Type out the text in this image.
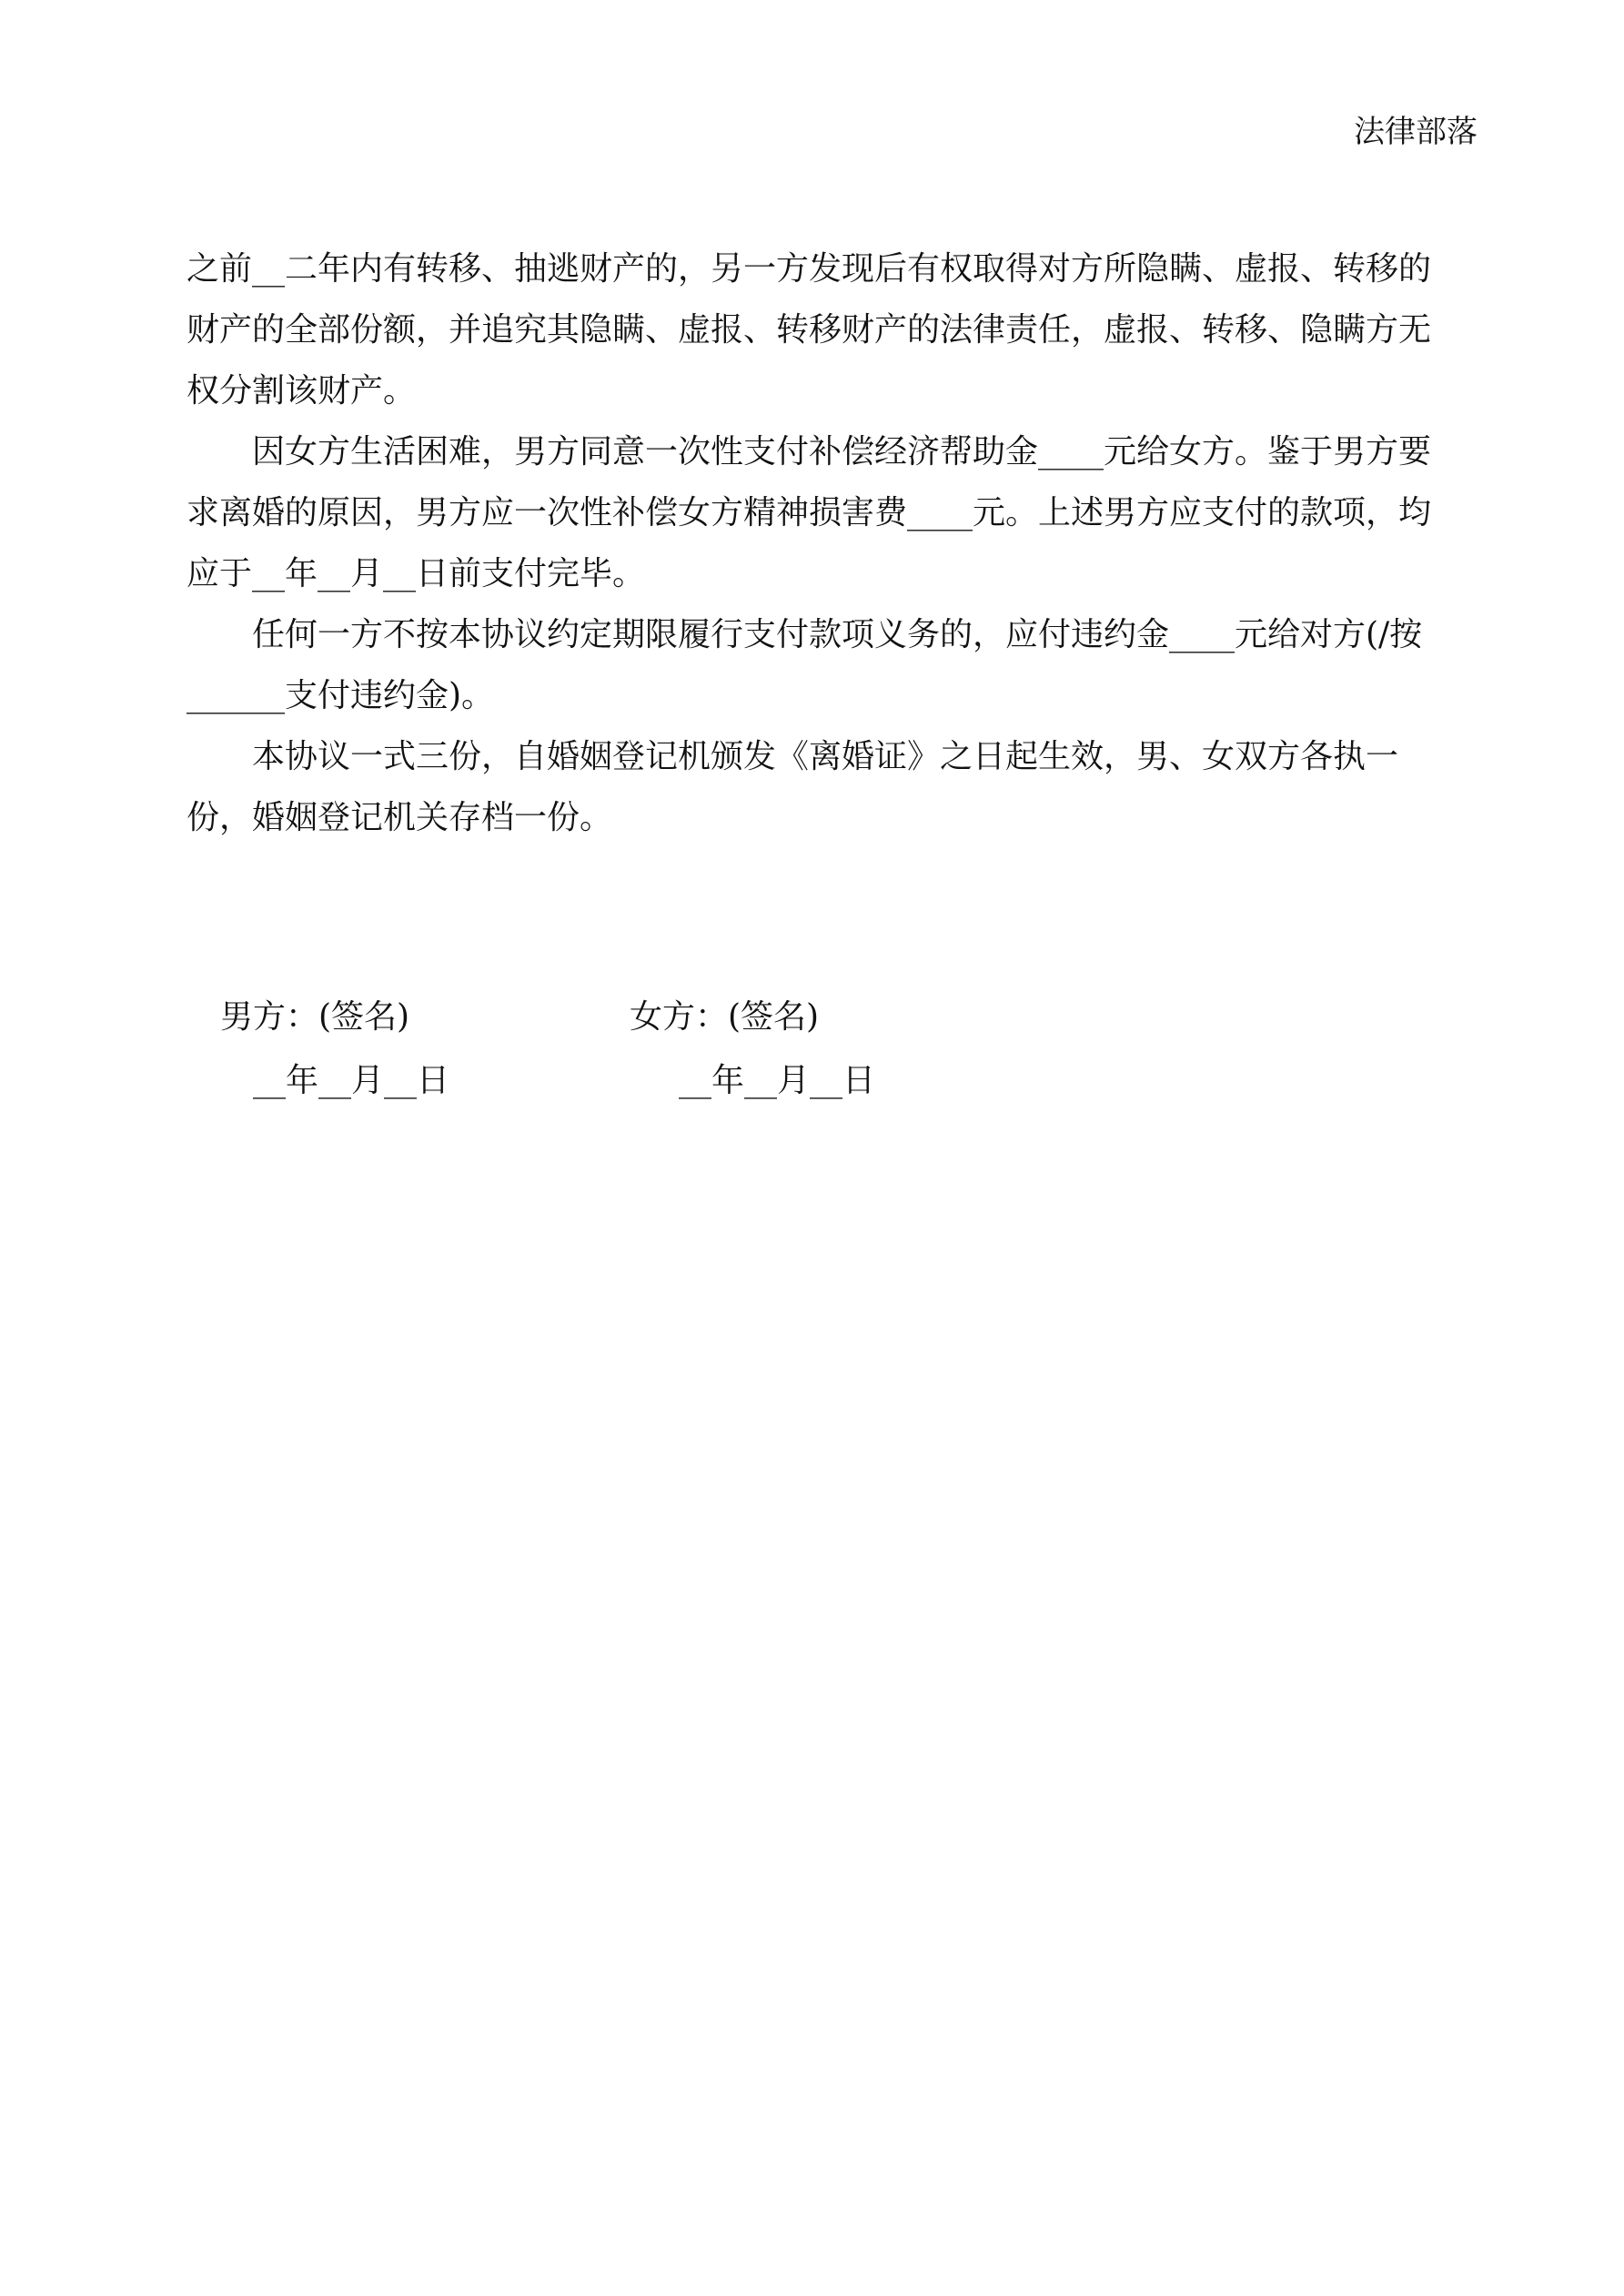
法律部落

之前__二年内有转移、抽逃财产的，另一方发现后有权取得对方所隐瞒、虚报、转移的财产的全部份额，并追究其隐瞒、虚报、转移财产的法律责任，虚报、转移、隐瞒方无权分割该财产。

因女方生活困难，男方同意一次性支付补偿经济帮助金____元给女方。鉴于男方要求离婚的原因，男方应一次性补偿女方精神损害费____元。上述男方应支付的款项，均应于__年__月__日前支付完毕。

任何一方不按本协议约定期限履行支付款项义务的，应付违约金____元给对方(/按______支付违约金)。

本协议一式三份，自婚姻登记机颁发《离婚证》之日起生效，男、女双方各执一份，婚姻登记机关存档一份。

男方：(签名)	女方：(签名)
__年__月__日	__年__月__日
